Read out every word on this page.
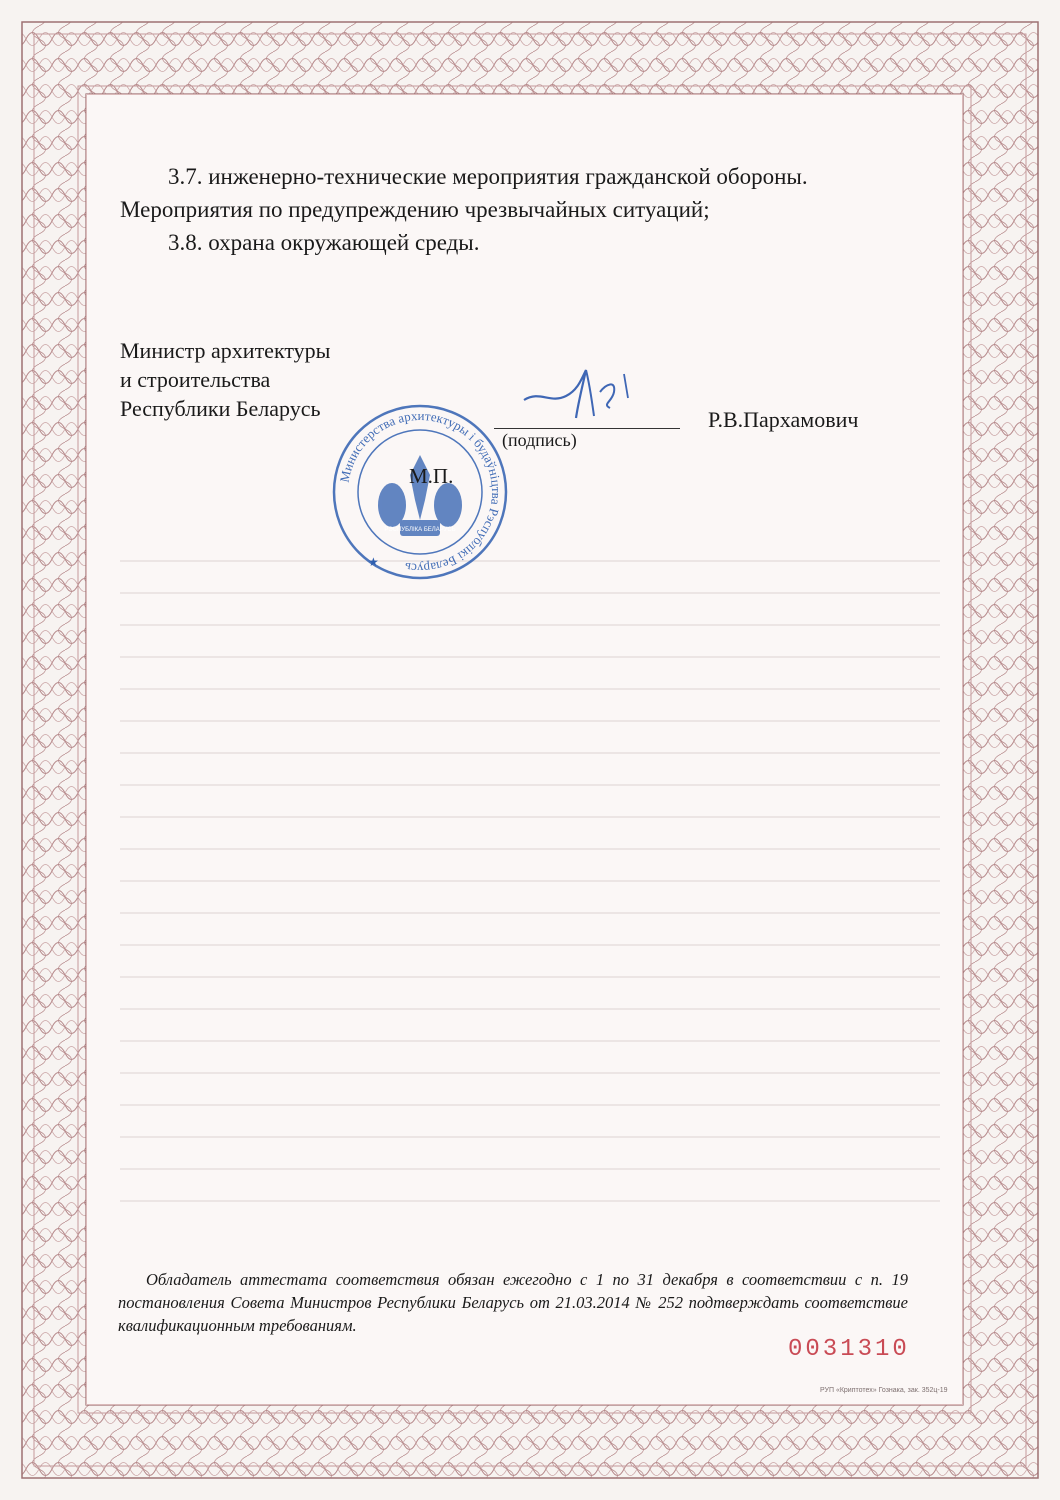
3.7. инженерно-технические мероприятия гражданской обороны.

Мероприятия по предупреждению чрезвычайных ситуаций;

3.8. охрана окружающей среды.

Министр архитектуры

и строительства

Республики Беларусь

(подпись)
Р.В.Пархамович
Министерства архитектуры і будаўніцтва Рэспублікі Беларусь
РЭСПУБЛІКА БЕЛАРУСЬ
★
М.П.

Обладатель аттестата соответствия обязан ежегодно с 1 по 31 декабря в соответствии с п. 19 постановления Совета Министров Республики Беларусь от 21.03.2014 № 252 подтверждать соответствие квалификационным требованиям.

0031310
РУП «Криптотех» Гознака, зак. 352ц-19
